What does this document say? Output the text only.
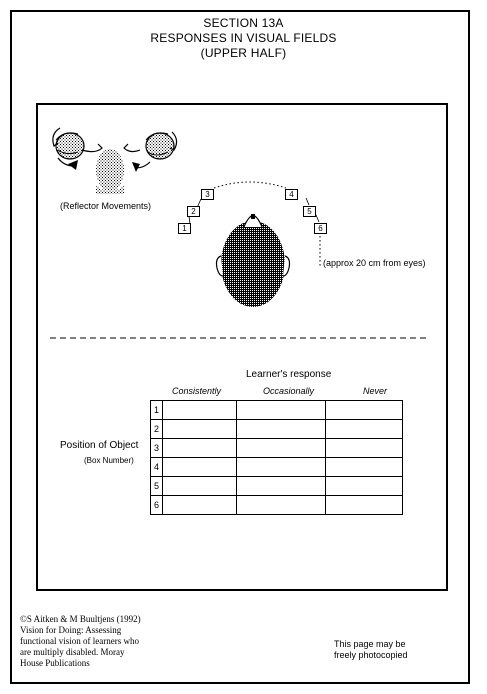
SECTION 13A
RESPONSES IN VISUAL FIELDS
(UPPER HALF)
(Reflector Movements)
(approx 20 cm from eyes)
1
2
3	4
5
6
Learner's response
Consistently	Occasionally	Never
Position of Object
(Box Number)
1			
2			
3			
4			
5			
6			
©S Aitken & M Buultjens (1992)
Vision for Doing: Assessing
functional vision of learners who
are multiply disabled. Moray
House Publications
This page may be
freely photocopied
